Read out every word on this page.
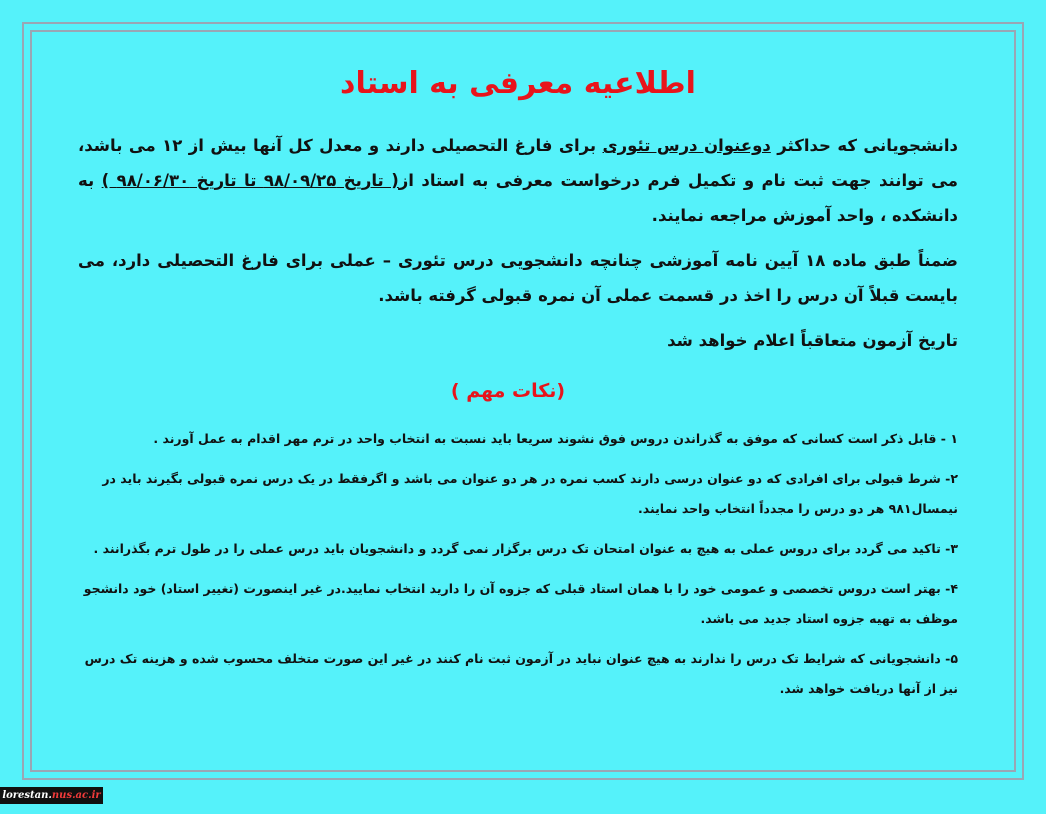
اطلاعیه معرفی به استاد

دانشجویانی که حداکثر دوعنوان درس تئوری برای فارغ التحصیلی دارند و معدل کل آنها بیش از ۱۲ می باشد، می توانند جهت ثبت نام و تکمیل فرم درخواست معرفی به استاد از( تاریخ ۹۸/۰۹/۲۵ تا تاریخ ۹۸/۰۶/۳۰ ) به دانشکده ، واحد آموزش مراجعه نمایند.

ضمناً طبق ماده ۱۸ آیین نامه آموزشی چنانچه دانشجویی درس تئوری – عملی برای فارغ التحصیلی دارد، می بایست قبلاً آن درس را اخذ در قسمت عملی آن نمره قبولی گرفته باشد.

تاریخ آزمون متعاقباً اعلام خواهد شد

(نکات مهم )

۱ - قابل ذکر است کسانی که موفق به گذراندن دروس فوق نشوند سریعا باید نسبت به انتخاب واحد در ترم مهر اقدام به عمل آورند .

۲- شرط قبولی برای افرادی که دو عنوان درسی دارند کسب نمره در هر دو عنوان می باشد و اگرفقط در یک درس نمره قبولی بگیرند باید در نیمسال۹۸۱ هر دو درس را مجدداً انتخاب واحد نمایند.

۳- تاکید می گردد برای دروس عملی به هیچ به عنوان امتحان تک درس برگزار نمی گردد و دانشجویان باید درس عملی را در طول ترم بگذرانند .

۴- بهتر است دروس تخصصی و عمومی خود را با همان استاد قبلی که جزوه آن را دارید انتخاب نمایید.در غیر اینصورت (تغییر استاد) خود دانشجو موظف به تهیه جزوه استاد جدید می باشد.

۵- دانشجویانی که شرایط تک درس را ندارند به هیچ عنوان نباید در آزمون ثبت نام کنند در غیر این صورت متخلف محسوب شده و هزینه تک درس نیز از آنها دریافت خواهد شد.

lorestan.nus.ac.ir
